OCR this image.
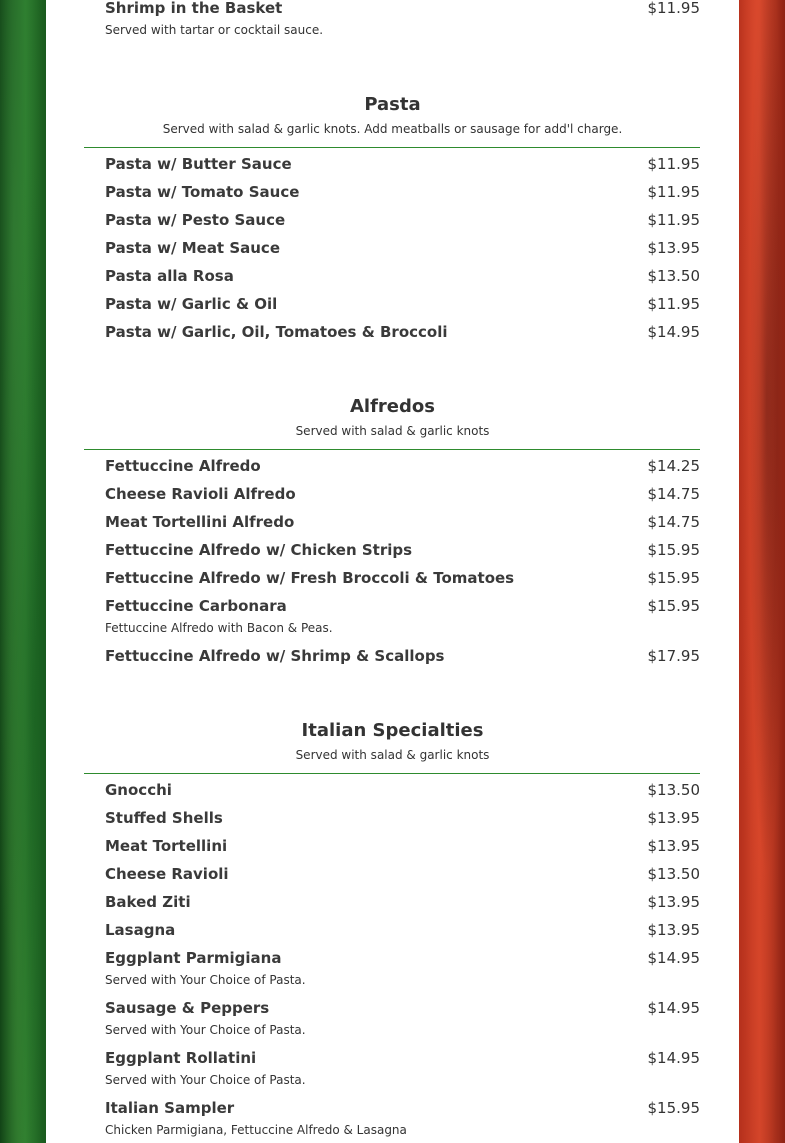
Shrimp in the Basket	$11.95
Served with tartar or cocktail sauce.
Pasta
Served with salad & garlic knots. Add meatballs or sausage for add'l charge.
Pasta w/ Butter Sauce	$11.95
Pasta w/ Tomato Sauce	$11.95
Pasta w/ Pesto Sauce	$11.95
Pasta w/ Meat Sauce	$13.95
Pasta alla Rosa	$13.50
Pasta w/ Garlic & Oil	$11.95
Pasta w/ Garlic, Oil, Tomatoes & Broccoli	$14.95
Alfredos
Served with salad & garlic knots
Fettuccine Alfredo	$14.25
Cheese Ravioli Alfredo	$14.75
Meat Tortellini Alfredo	$14.75
Fettuccine Alfredo w/ Chicken Strips	$15.95
Fettuccine Alfredo w/ Fresh Broccoli & Tomatoes	$15.95
Fettuccine Carbonara	$15.95
Fettuccine Alfredo with Bacon & Peas.
Fettuccine Alfredo w/ Shrimp & Scallops	$17.95
Italian Specialties
Served with salad & garlic knots
Gnocchi	$13.50
Stuffed Shells	$13.95
Meat Tortellini	$13.95
Cheese Ravioli	$13.50
Baked Ziti	$13.95
Lasagna	$13.95
Eggplant Parmigiana	$14.95
Served with Your Choice of Pasta.
Sausage & Peppers	$14.95
Served with Your Choice of Pasta.
Eggplant Rollatini	$14.95
Served with Your Choice of Pasta.
Italian Sampler	$15.95
Chicken Parmigiana, Fettuccine Alfredo & Lasagna
